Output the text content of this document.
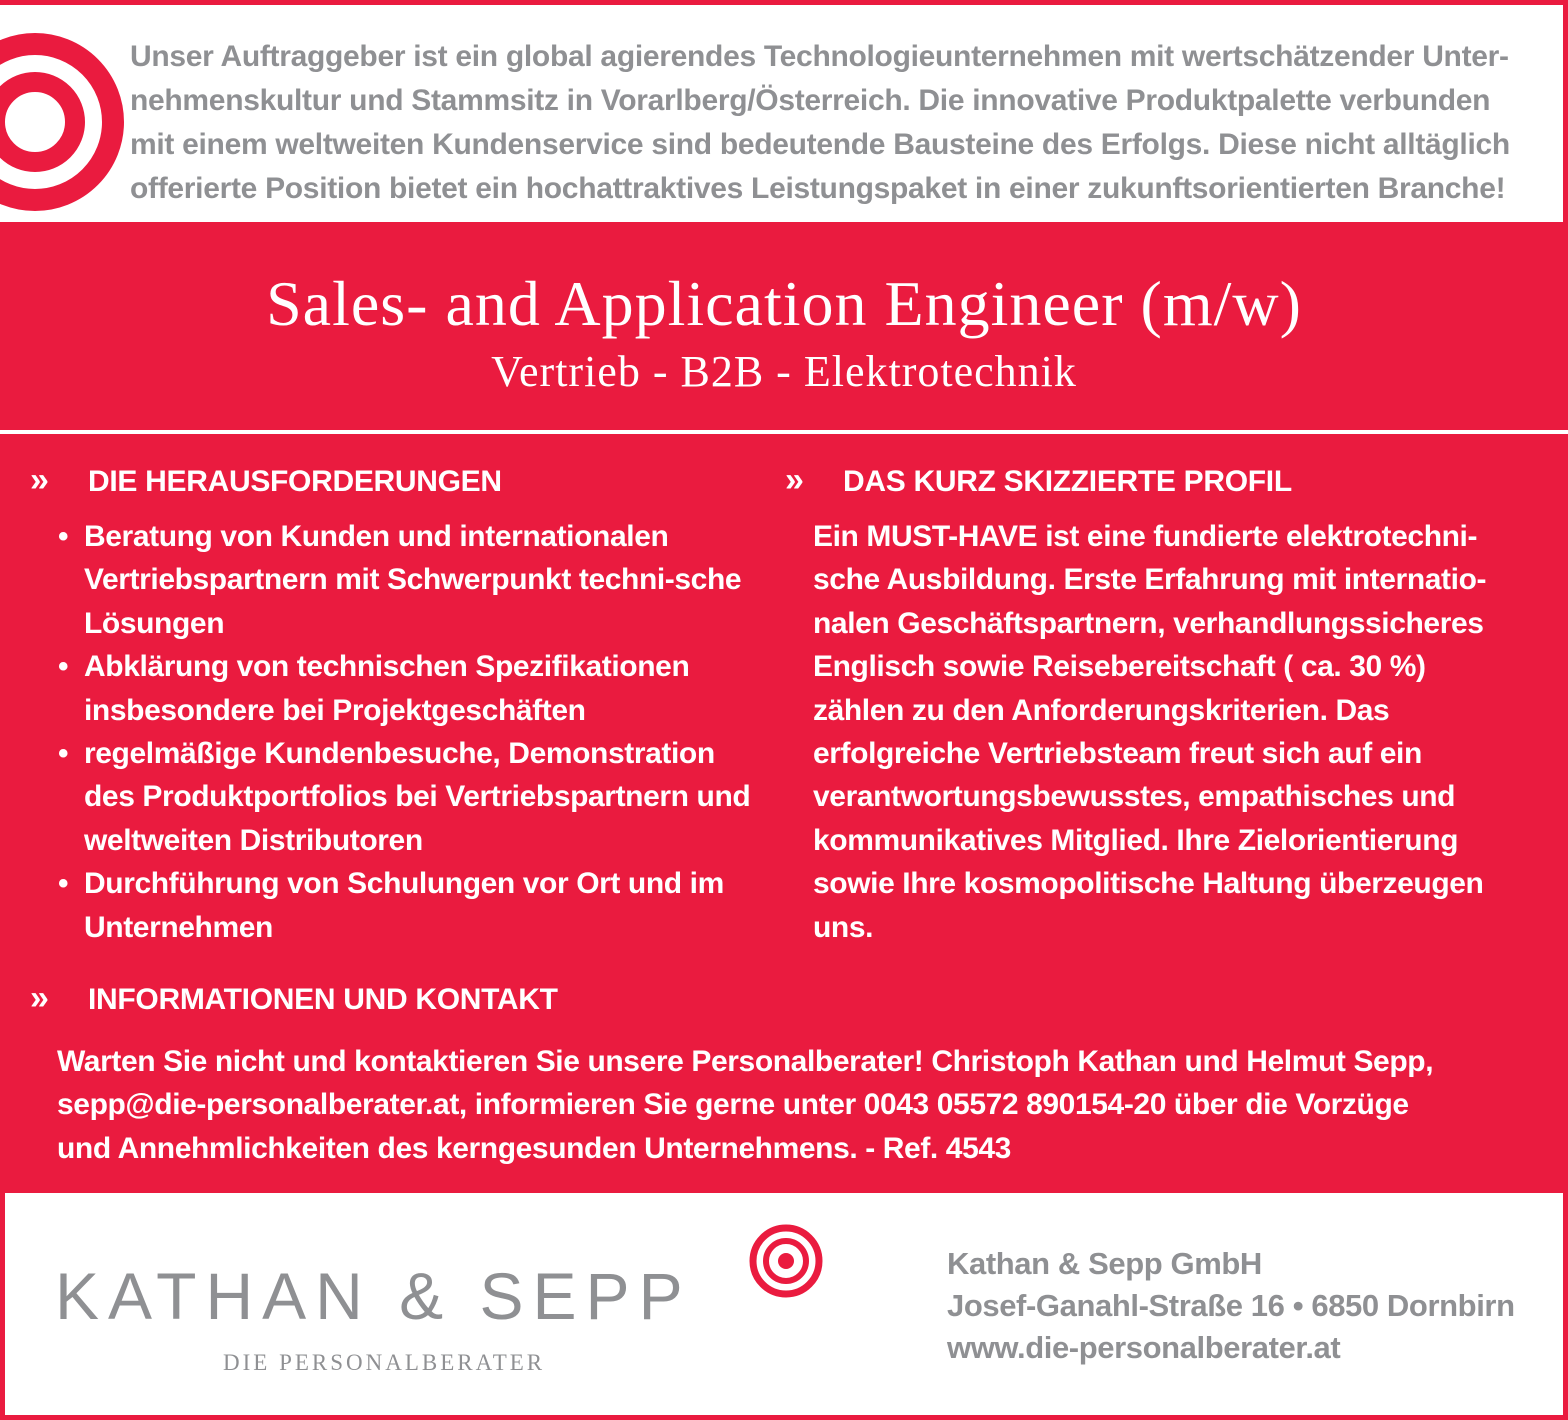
Unser Auftraggeber ist ein global agierendes Technologieunternehmen mit wertschätzender Unter-
nehmenskultur und Stammsitz in Vorarlberg/Österreich. Die innovative Produktpalette verbunden
mit einem weltweiten Kundenservice sind bedeutende Bausteine des Erfolgs. Diese nicht alltäglich
offerierte Position bietet ein hochattraktives Leistungspaket in einer zukunftsorientierten Branche!
Sales- and Application Engineer (m/w)
Vertrieb - B2B - Elektrotechnik
» DIE HERAUSFORDERUNGEN
• Beratung von Kunden und internationalen Vertriebspartnern mit Schwerpunkt techni-sche Lösungen
• Abklärung von technischen Spezifikationen insbesondere bei Projektgeschäften
• regelmäßige Kundenbesuche, Demonstration des Produktportfolios bei Vertriebspartnern und weltweiten Distributoren
• Durchführung von Schulungen vor Ort und im Unternehmen
» DAS KURZ SKIZZIERTE PROFIL
Ein MUST-HAVE ist eine fundierte elektrotechni-sche Ausbildung. Erste Erfahrung mit internatio-nalen Geschäftspartnern, verhandlungssicheres Englisch sowie Reisebereitschaft ( ca. 30 %) zählen zu den Anforderungskriterien. Das erfolgreiche Vertriebsteam freut sich auf ein verantwortungsbewusstes, empathisches und kommunikatives Mitglied. Ihre Zielorientierung sowie Ihre kosmopolitische Haltung überzeugen uns.
» INFORMATIONEN UND KONTAKT
Warten Sie nicht und kontaktieren Sie unsere Personalberater! Christoph Kathan und Helmut Sepp,
sepp@die-personalberater.at, informieren Sie gerne unter 0043 05572 890154-20 über die Vorzüge
und Annehmlichkeiten des kerngesunden Unternehmens. - Ref. 4543
KATHAN & SEPP
DIE PERSONALBERATER
Kathan & Sepp GmbH
Josef-Ganahl-Straße 16 • 6850 Dornbirn
www.die-personalberater.at
